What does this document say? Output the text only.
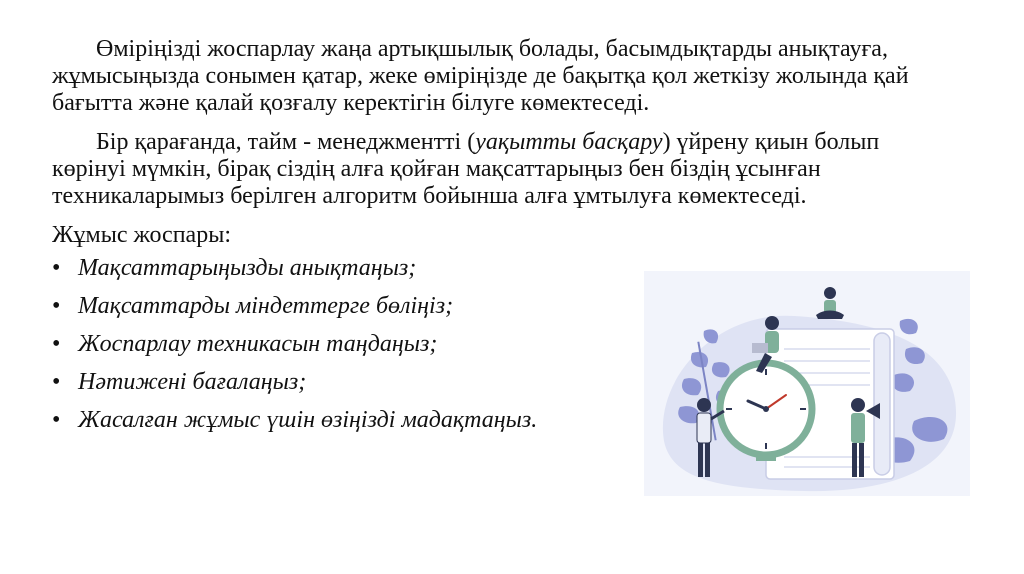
Өміріңізді жоспарлау жаңа артықшылық болады, басымдықтарды анықтауға, жұмысыңызда сонымен қатар, жеке өміріңізде де бақытқа қол жеткізу жолында қай бағытта және қалай қозғалу керектігін білуге көмектеседі.

Бір қарағанда, тайм - менеджментті (уақытты басқару) үйрену қиын болып көрінуі мүмкін, бірақ сіздің алға қойған мақсаттарыңыз бен біздің ұсынған техникаларымыз берілген алгоритм бойынша алға ұмтылуға көмектеседі.

Жұмыс жоспары:

• Мақсаттарыңызды анықтаңыз;
• Мақсаттарды міндеттерге бөліңіз;
• Жоспарлау техникасын таңдаңыз;
• Нәтижені бағалаңыз;
• Жасалған жұмыс үшін өзіңізді мадақтаңыз.
